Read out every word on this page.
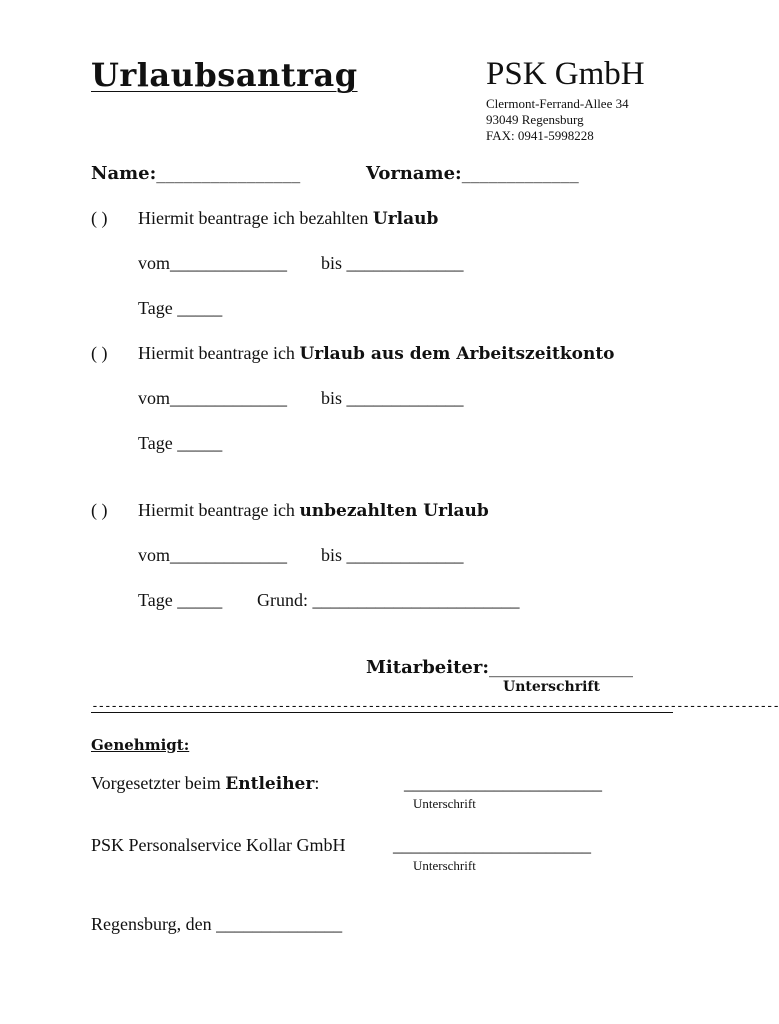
Urlaubsantrag	PSK GmbH
Clermont-Ferrand-Allee 34
93049 Regensburg
FAX: 0941-5998228
Name:________________	Vorname:_____________
( ) Hiermit beantrage ich bezahlten Urlaub
vom_____________ bis _____________
Tage _____
( ) Hiermit beantrage ich Urlaub aus dem Arbeitszeitkonto
vom_____________ bis _____________
Tage _____
( ) Hiermit beantrage ich unbezahlten Urlaub
vom_____________ bis _____________
Tage _____ Grund: _______________________
Mitarbeiter:________________
Unterschrift
-----------------------------------------------------------------------------------------------------------
Genehmigt:
Vorgesetzter beim Entleiher:	______________________
Unterschrift
PSK Personalservice Kollar GmbH	______________________
Unterschrift
Regensburg, den ______________
